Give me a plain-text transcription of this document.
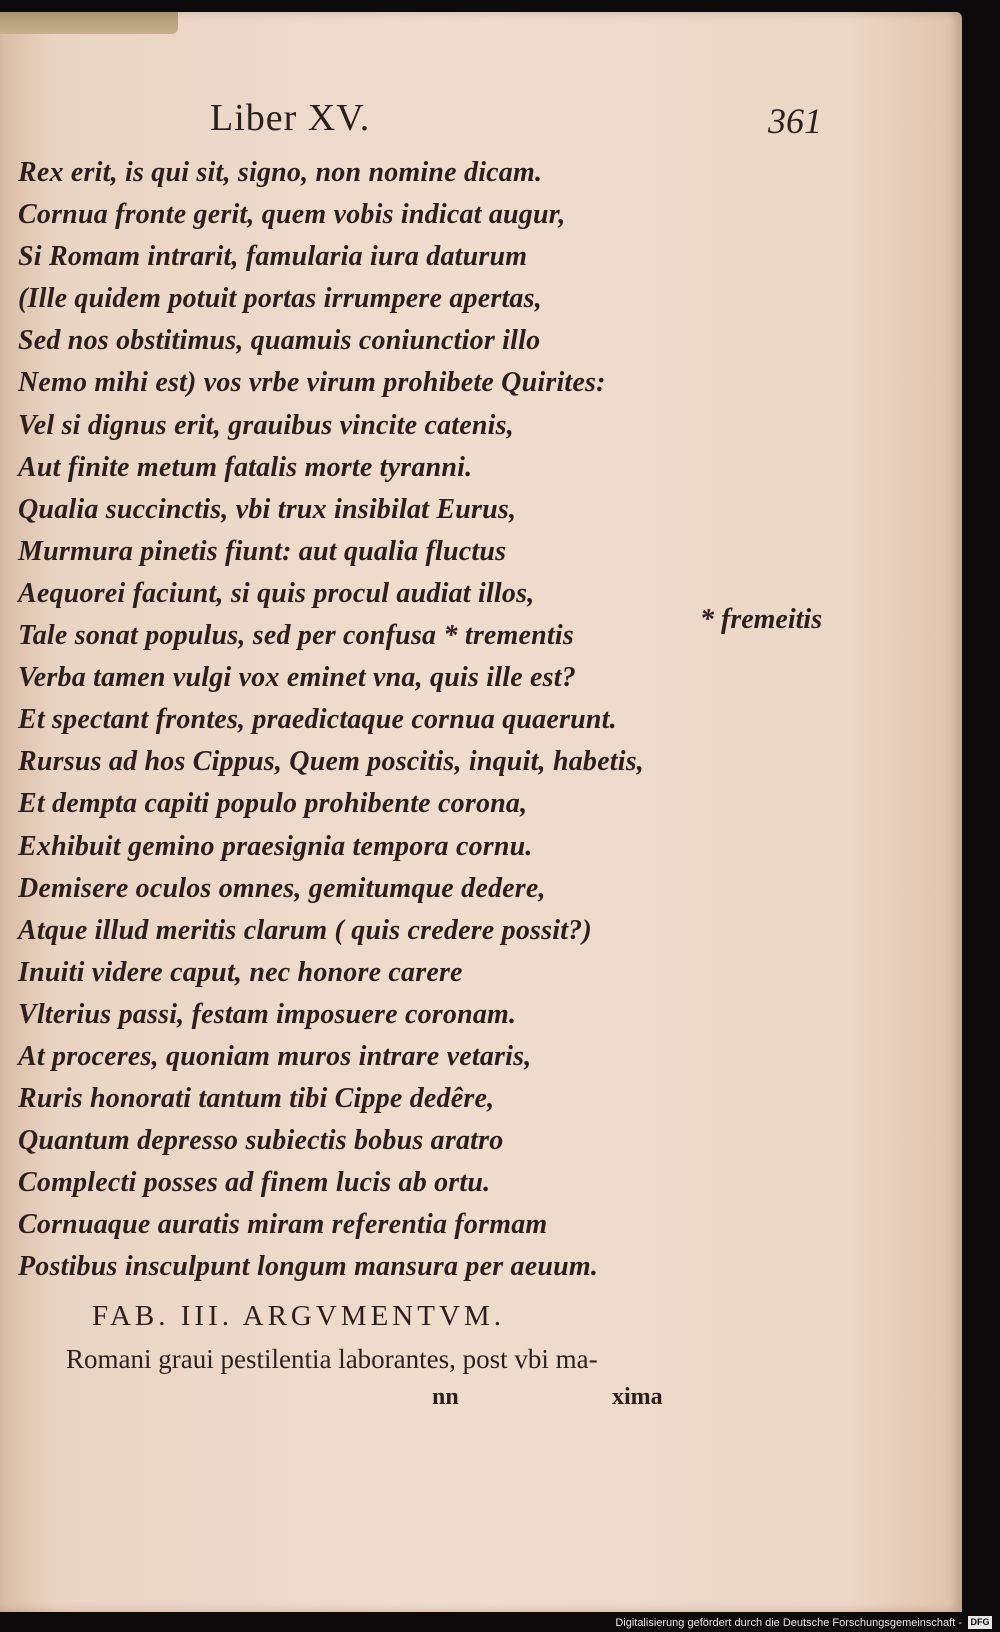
Liber XV.	361
Rex erit, is qui sit, signo, non nomine dicam.
Cornua fronte gerit, quem vobis indicat augur,
Si Romam intrarit, famularia iura daturum
(Ille quidem potuit portas irrumpere apertas,
Sed nos obstitimus, quamuis coniunctior illo
Nemo mihi est) vos vrbe virum prohibete Quirites:
Vel si dignus erit, grauibus vincite catenis,
Aut finite metum fatalis morte tyranni.
Qualia succinctis, vbi trux insibilat Eurus,
Murmura pinetis fiunt: aut qualia fluctus
Aequorei faciunt, si quis procul audiat illos,
Tale sonat populus, sed per confusa * trementis
Verba tamen vulgi vox eminet vna, quis ille est?
Et spectant frontes, praedictaque cornua quaerunt.
Rursus ad hos Cippus, Quem poscitis, inquit, habetis,
Et dempta capiti populo prohibente corona,
Exhibuit gemino praesignia tempora cornu.
Demisere oculos omnes, gemitumque dedere,
Atque illud meritis clarum ( quis credere possit?)
Inuiti videre caput, nec honore carere
Vlterius passi, festam imposuere coronam.
At proceres, quoniam muros intrare vetaris,
Ruris honorati tantum tibi Cippe dedêre,
Quantum depresso subiectis bobus aratro
Complecti posses ad finem lucis ab ortu.
Cornuaque auratis miram referentia formam
Postibus insculpunt longum mansura per aeuum.
* fremeitis
FAB. III. ARGVMENTVM.
Romani graui pestilentia laborantes, post vbi ma-
nn	xima
Digitalisierung gefördert durch die Deutsche Forschungsgemeinschaft - DFG
